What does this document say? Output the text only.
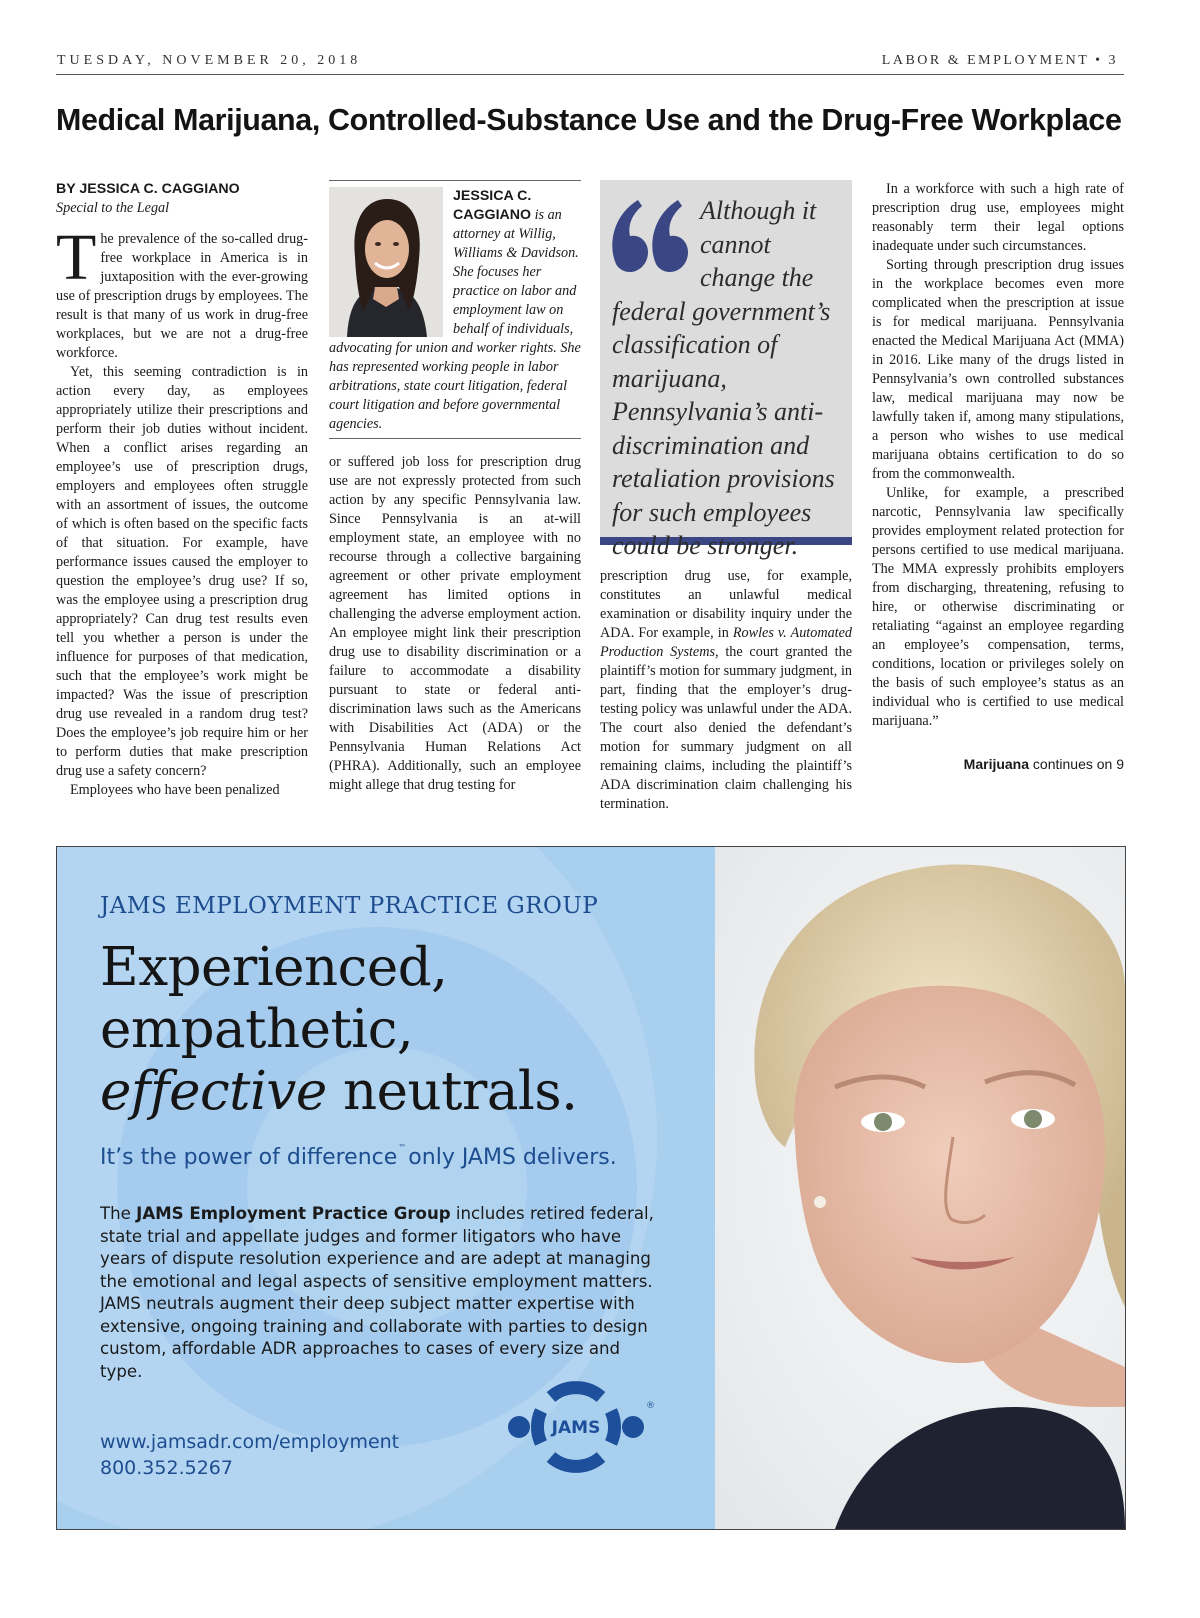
TUESDAY, NOVEMBER 20, 2018	LABOR & EMPLOYMENT • 3
Medical Marijuana, Controlled-Substance Use and the Drug-Free Workplace
BY JESSICA C. CAGGIANO
Special to the Legal

The prevalence of the so-called drug-free workplace in America is in juxtaposition with the ever-growing use of prescription drugs by employees. The result is that many of us work in drug-free workplaces, but we are not a drug-free workforce.

Yet, this seeming contradiction is in action every day, as employees appropriately utilize their prescriptions and perform their job duties without incident. When a conflict arises regarding an employee’s use of prescription drugs, employers and employees often struggle with an assortment of issues, the outcome of which is often based on the specific facts of that situation. For example, have performance issues caused the employer to question the employee’s drug use? If so, was the employee using a prescription drug appropriately? Can drug test results even tell you whether a person is under the influence for purposes of that medication, such that the employee’s work might be impacted? Was the issue of prescription drug use revealed in a random drug test? Does the employee’s job require him or her to perform duties that make prescription drug use a safety concern?

Employees who have been penalized

JESSICA C. CAGGIANO is an attorney at Willig, Williams & Davidson. She focuses her practice on labor and employment law on behalf of individuals, advocating for union and worker rights. She has represented working people in labor arbitrations, state court litigation, federal court litigation and before governmental agencies.

or suffered job loss for prescription drug use are not expressly protected from such action by any specific Pennsylvania law. Since Pennsylvania is an at-will employment state, an employee with no recourse through a collective bargaining agreement or other private employment agreement has limited options in challenging the adverse employment action. An employee might link their prescription drug use to disability discrimination or a failure to accommodate a disability pursuant to state or federal anti-discrimination laws such as the Americans with Disabilities Act (ADA) or the Pennsylvania Human Relations Act (PHRA). Additionally, such an employee might allege that drug testing for

Although it cannot change the federal government’s classification of marijuana, Pennsylvania’s anti-discrimination and retaliation provisions for such employees could be stronger.

prescription drug use, for example, constitutes an unlawful medical examination or disability inquiry under the ADA. For example, in Rowles v. Automated Production Systems, the court granted the plaintiff’s motion for summary judgment, in part, finding that the employer’s drug-testing policy was unlawful under the ADA. The court also denied the defendant’s motion for summary judgment on all remaining claims, including the plaintiff’s ADA discrimination claim challenging his termination.

In a workforce with such a high rate of prescription drug use, employees might reasonably term their legal options inadequate under such circumstances.

Sorting through prescription drug issues in the workplace becomes even more complicated when the prescription at issue is for medical marijuana. Pennsylvania enacted the Medical Marijuana Act (MMA) in 2016. Like many of the drugs listed in Pennsylvania’s own controlled substances law, medical marijuana may now be lawfully taken if, among many stipulations, a person who wishes to use medical marijuana obtains certification to do so from the commonwealth.

Unlike, for example, a prescribed narcotic, Pennsylvania law specifically provides employment related protection for persons certified to use medical marijuana. The MMA expressly prohibits employers from discharging, threatening, refusing to hire, or otherwise discriminating or retaliating “against an employee regarding an employee’s compensation, terms, conditions, location or privileges solely on the basis of such employee’s status as an individual who is certified to use medical marijuana.”

Marijuana continues on 9
JAMS EMPLOYMENT PRACTICE GROUP
Experienced,
empathetic,

effective neutrals.
It’s the power of difference™only JAMS delivers.
The JAMS Employment Practice Group includes retired federal, state trial and appellate judges and former litigators who have years of dispute resolution experience and are adept at managing the emotional and legal aspects of sensitive employment matters. JAMS neutrals augment their deep subject matter expertise with extensive, ongoing training and collaborate with parties to design custom, affordable ADR approaches to cases of every size and type.
www.jamsadr.com/employment
800.352.5267
JAMS
®
